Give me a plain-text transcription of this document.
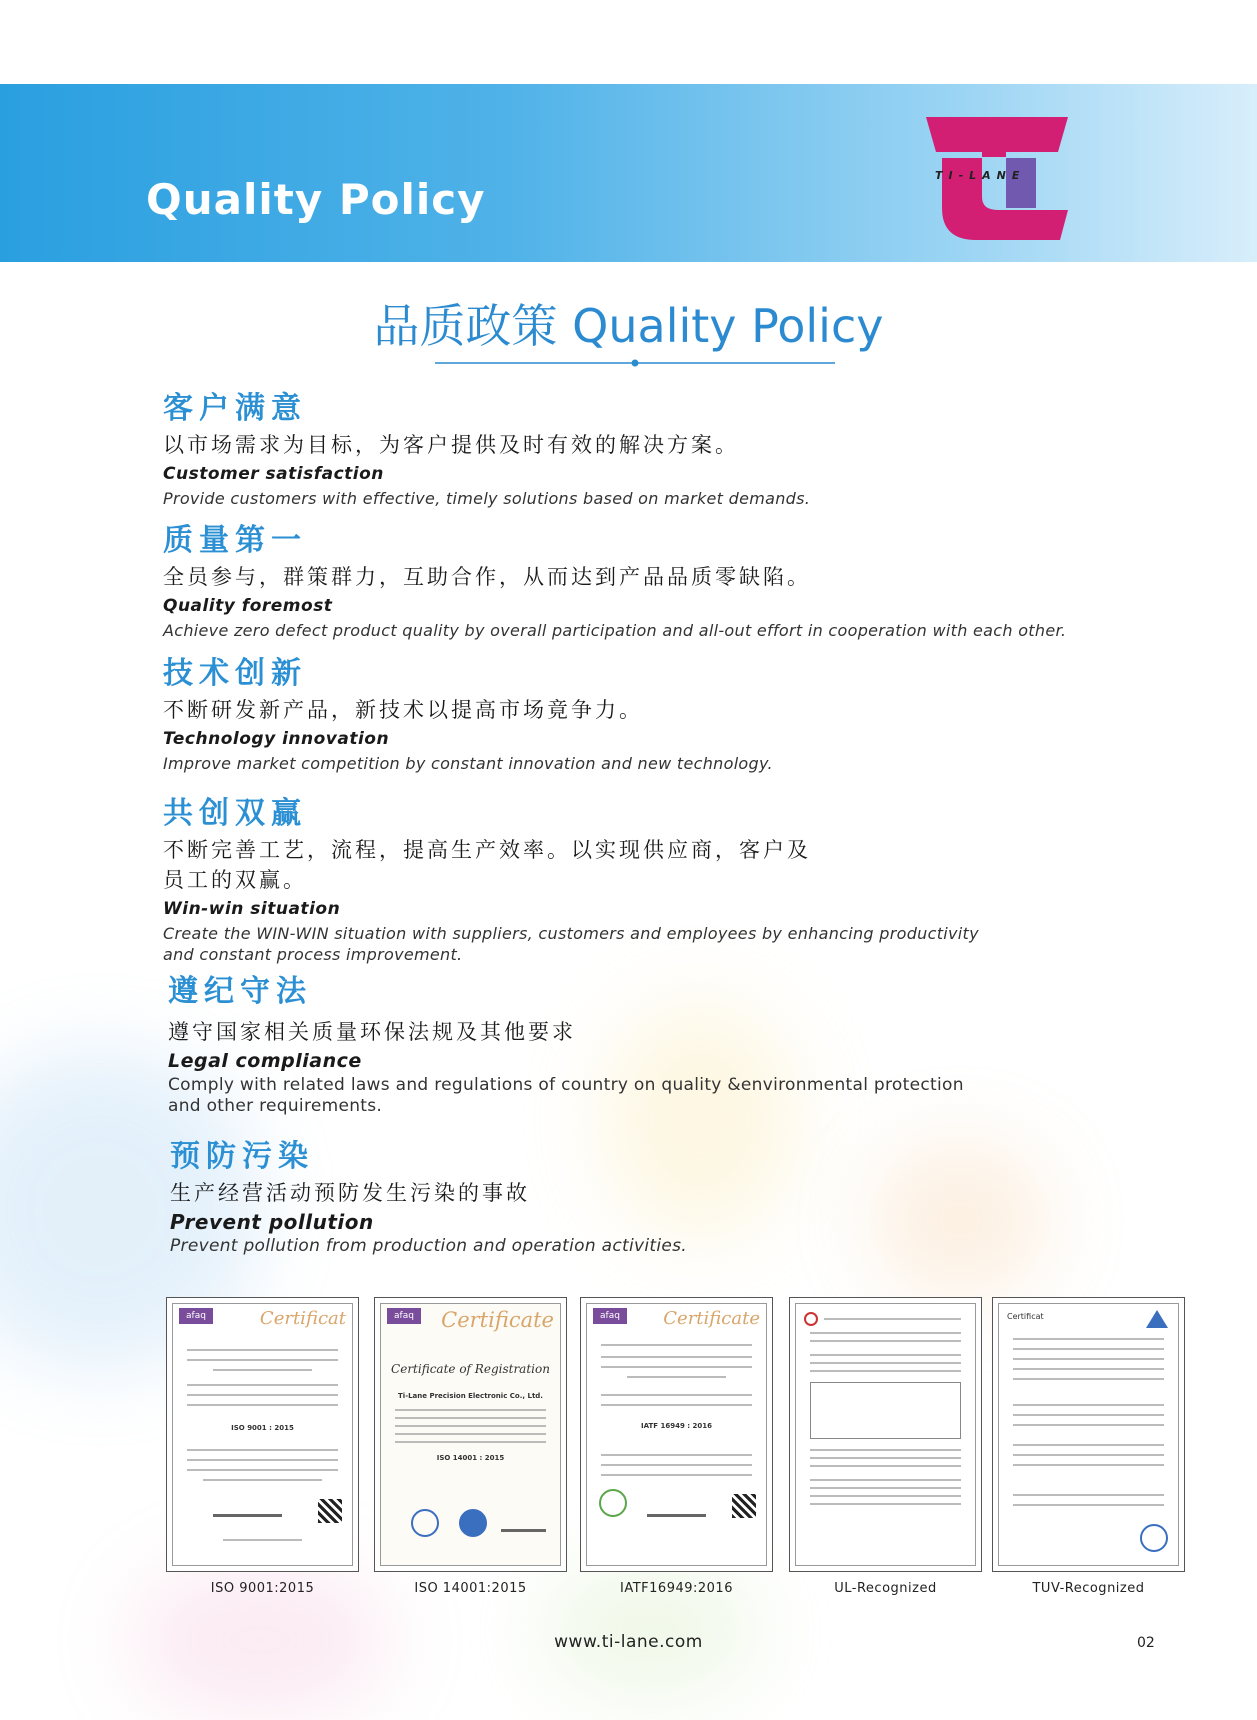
Quality Policy	TI-LANE
品质政策 Quality Policy
客户满意
以市场需求为目标，为客户提供及时有效的解决方案。
Customer satisfaction
Provide customers with effective, timely solutions based on market demands.
质量第一
全员参与，群策群力，互助合作，从而达到产品品质零缺陷。
Quality foremost
Achieve zero defect product quality by overall participation and all-out effort in cooperation with each other.
技术创新
不断研发新产品，新技术以提高市场竟争力。
Technology innovation
Improve market competition by constant innovation and new technology.
共创双赢
不断完善工艺，流程，提高生产效率。以实现供应商，客户及
员工的双赢。
Win-win situation
Create the WIN-WIN situation with suppliers, customers and employees by enhancing productivity
and constant process improvement.
遵纪守法
遵守国家相关质量环保法规及其他要求
Legal compliance
Comply with related laws and regulations of country on quality &environmental protection
and other requirements.
预防污染
生产经营活动预防发生污染的事故
Prevent pollution
Prevent pollution from production and operation activities.
afaq	Certificat
ISO 9001 : 2015
ISO 9001:2015
afaq	Certificate
Certificate of Registration
Ti-Lane Precision Electronic Co., Ltd.
ISO 14001 : 2015
ISO 14001:2015
afaq	Certificate
IATF 16949 : 2016
IATF16949:2016	UL-Recognized
Certificat
TUV-Recognized
www.ti-lane.com	02
